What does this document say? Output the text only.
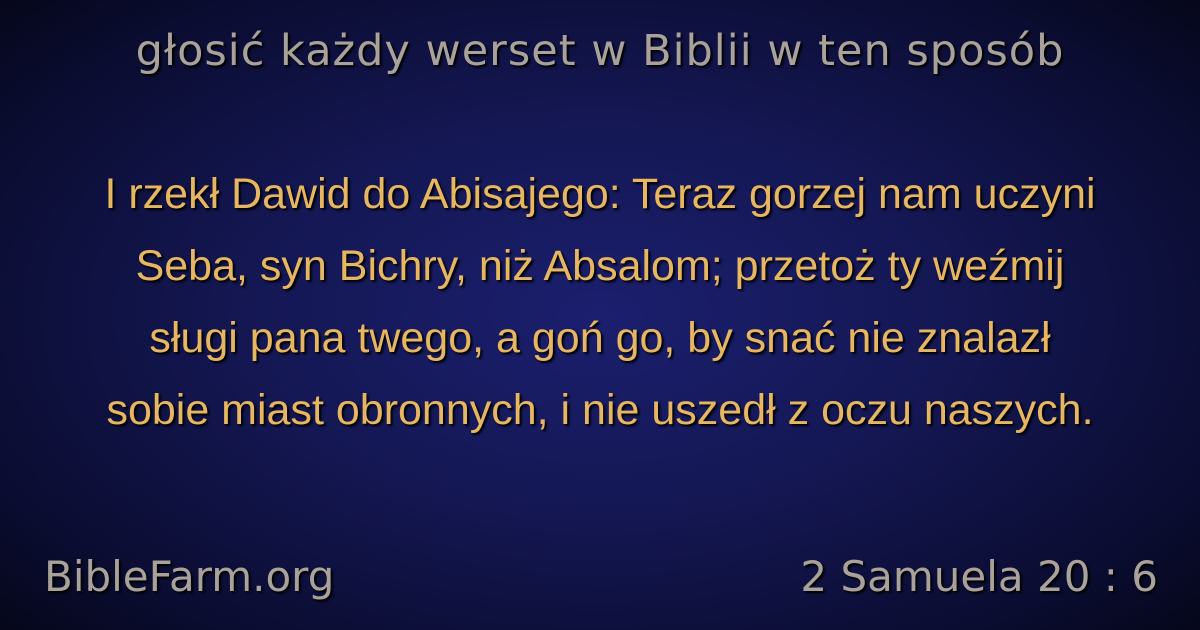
głosić każdy werset w Biblii w ten sposób
I rzekł Dawid do Abisajego: Teraz gorzej nam uczyni
Seba, syn Bichry, niż Absalom; przetoż ty weźmij
sługi pana twego, a goń go, by snać nie znalazł
sobie miast obronnych, i nie uszedł z oczu naszych.
BibleFarm.org	2 Samuela 20 : 6
